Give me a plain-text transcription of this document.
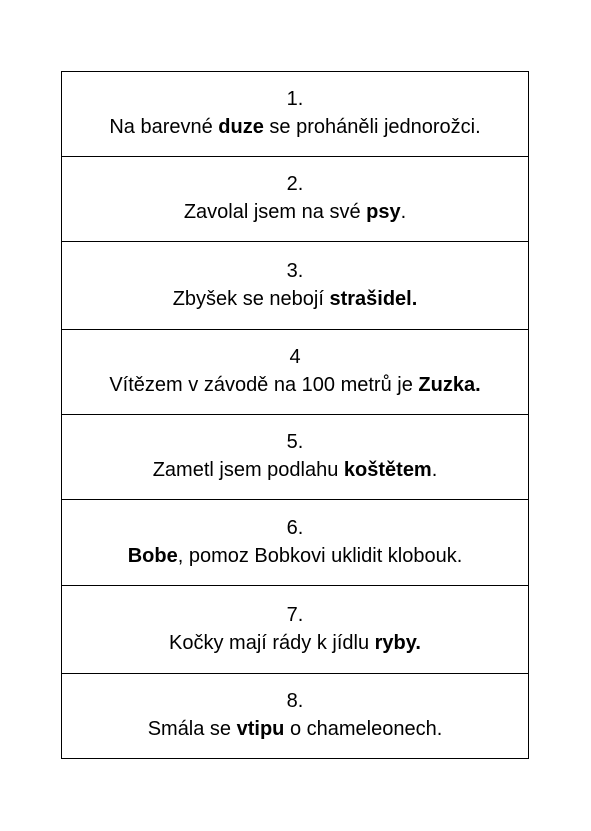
1.
Na barevné duze se proháněli jednorožci.
2.
Zavolal jsem na své psy.
3.
Zbyšek se nebojí strašidel.
4
Vítězem v závodě na 100 metrů je Zuzka.
5.
Zametl jsem podlahu koštětem.
6.
Bobe, pomoz Bobkovi uklidit klobouk.
7.
Kočky mají rády k jídlu ryby.
8.
Smála se vtipu o chameleonech.
